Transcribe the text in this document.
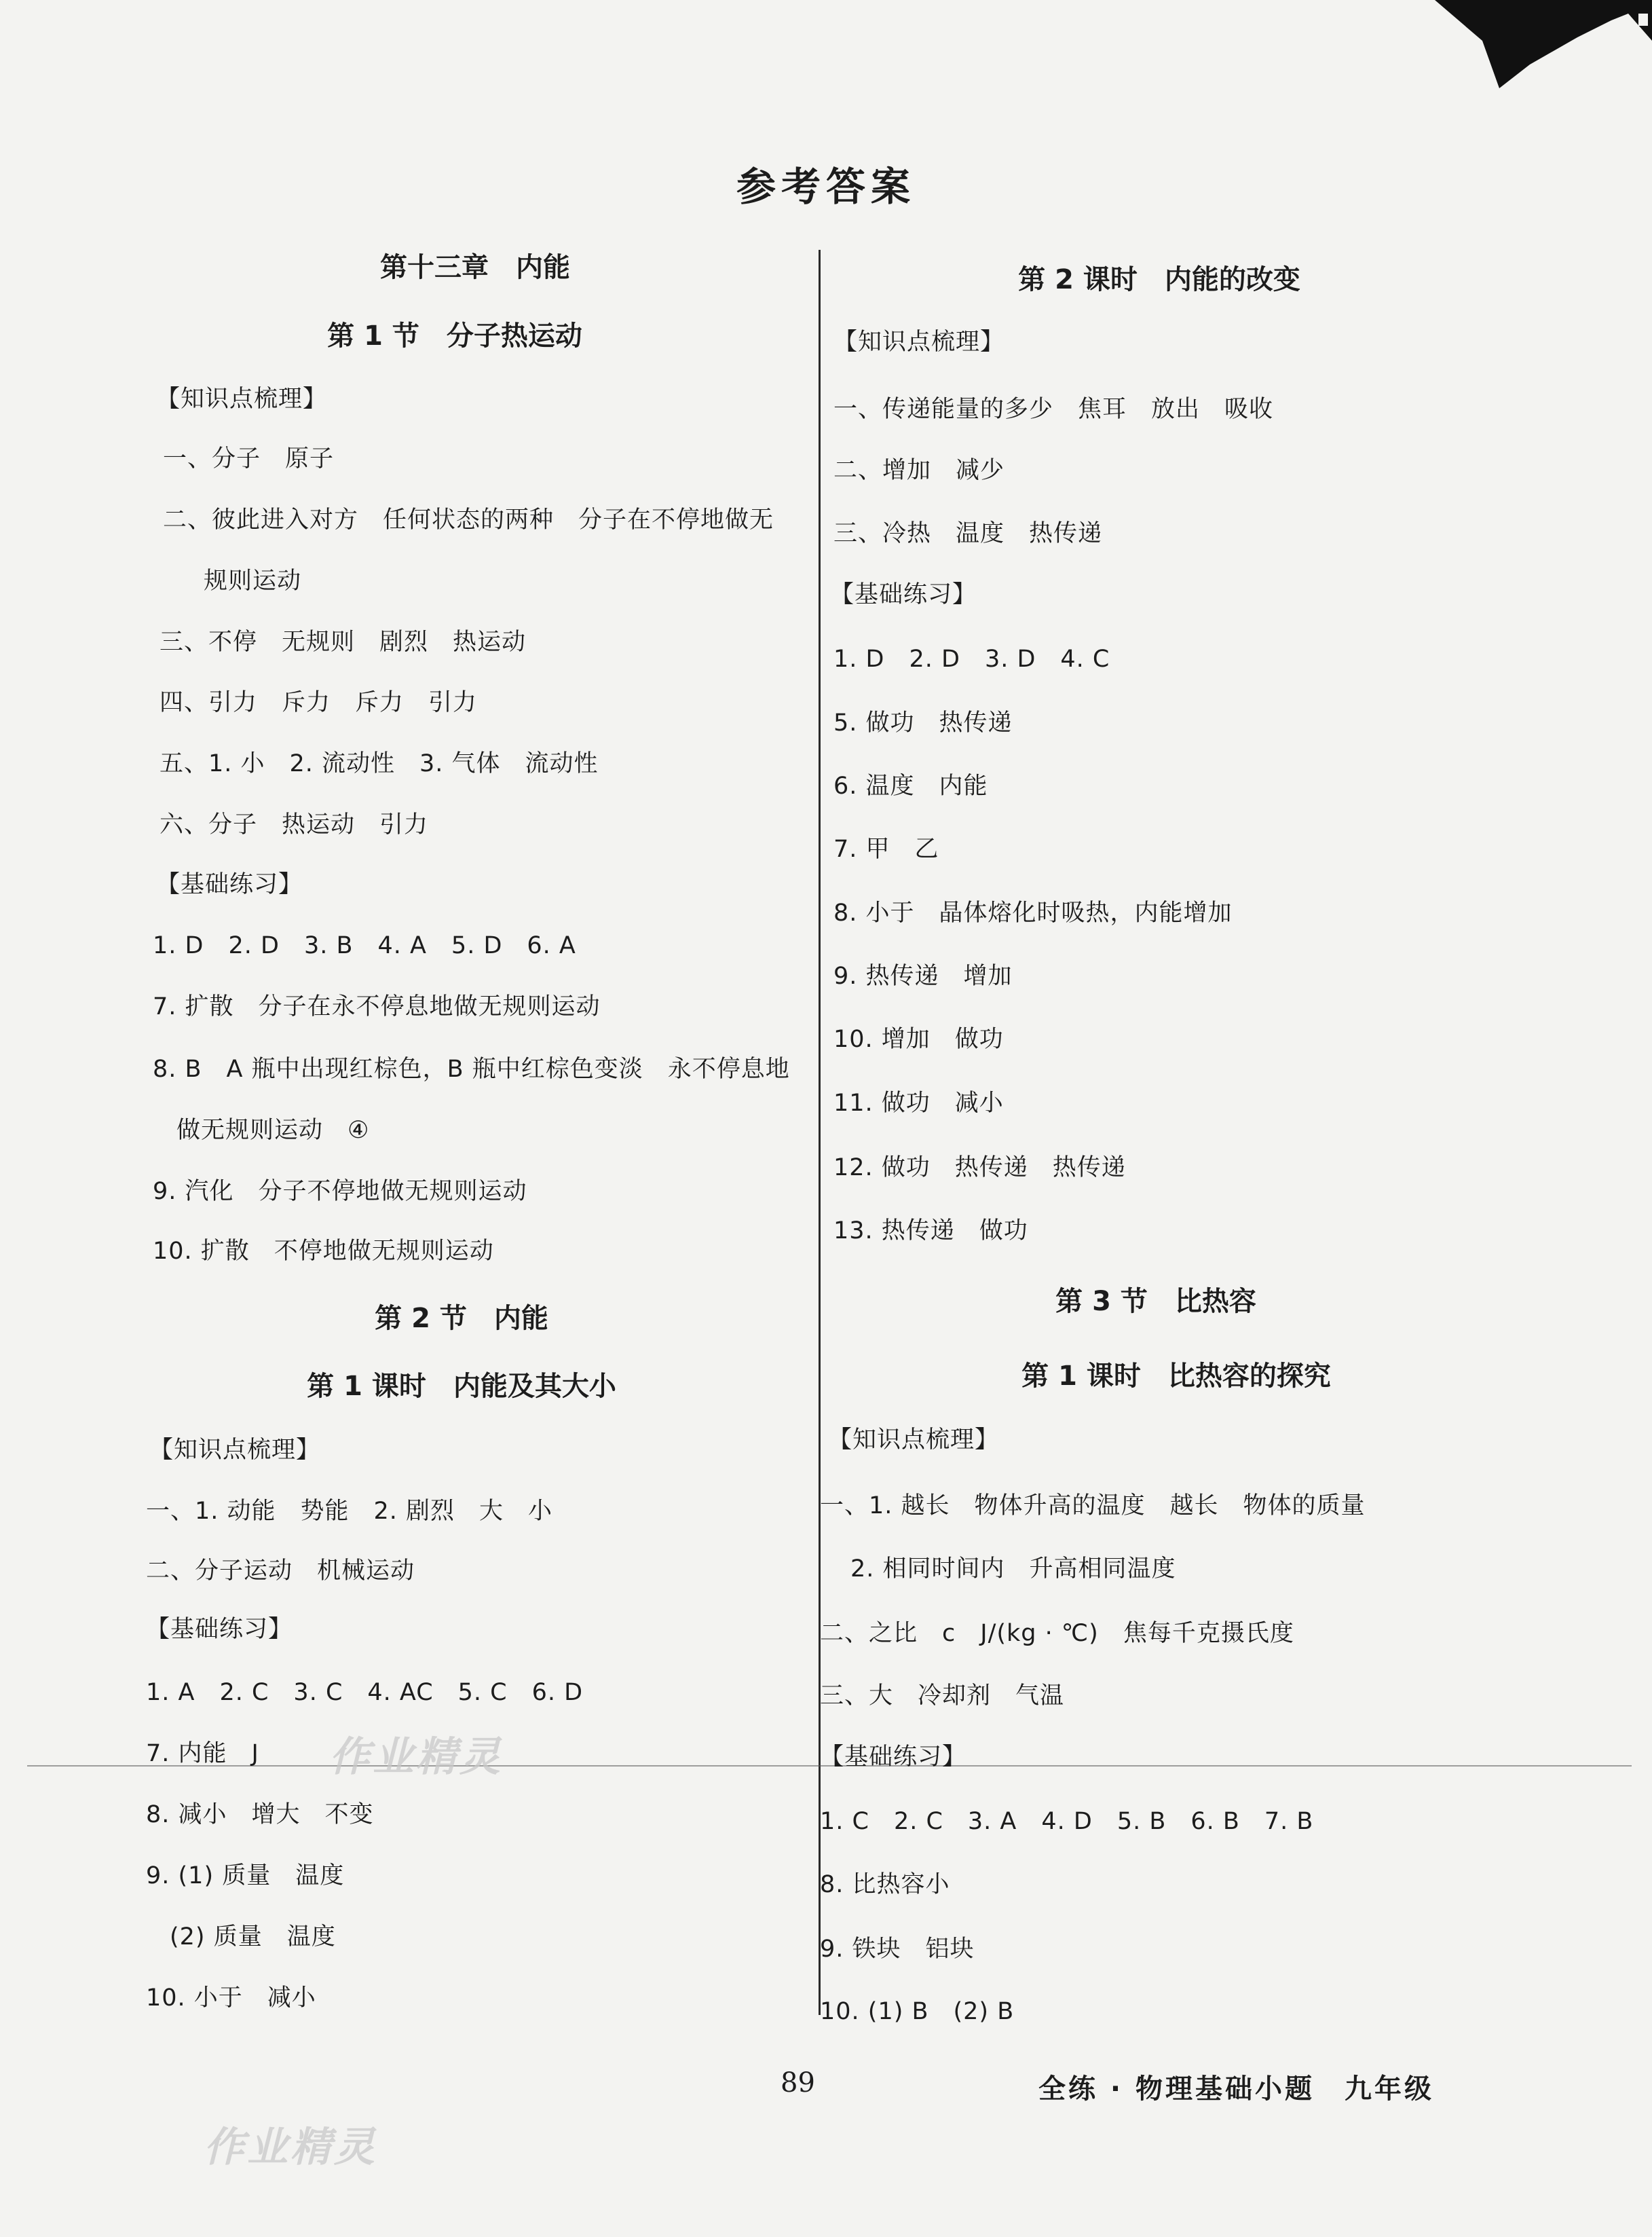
参考答案
第十三章　内能
第 1 节　分子热运动
【知识点梳理】
一、分子　原子
二、彼此进入对方　任何状态的两种　分子在不停地做无
规则运动
三、不停　无规则　剧烈　热运动
四、引力　斥力　斥力　引力
五、1. 小　2. 流动性　3. 气体　流动性
六、分子　热运动　引力
【基础练习】
1. D　2. D　3. B　4. A　5. D　6. A
7. 扩散　分子在永不停息地做无规则运动
8. B　A 瓶中出现红棕色，B 瓶中红棕色变淡　永不停息地
做无规则运动　④
9. 汽化　分子不停地做无规则运动
10. 扩散　不停地做无规则运动
第 2 节　内能
第 1 课时　内能及其大小
【知识点梳理】
一、1. 动能　势能　2. 剧烈　大　小
二、分子运动　机械运动
【基础练习】
1. A　2. C　3. C　4. AC　5. C　6. D
7. 内能　J
8. 减小　增大　不变
9. (1) 质量　温度
(2) 质量　温度
10. 小于　减小
第 2 课时　内能的改变
【知识点梳理】
一、传递能量的多少　焦耳　放出　吸收
二、增加　减少
三、冷热　温度　热传递
【基础练习】
1. D　2. D　3. D　4. C
5. 做功　热传递
6. 温度　内能
7. 甲　乙
8. 小于　晶体熔化时吸热，内能增加
9. 热传递　增加
10. 增加　做功
11. 做功　减小
12. 做功　热传递　热传递
13. 热传递　做功
第 3 节　比热容
第 1 课时　比热容的探究
【知识点梳理】
一、1. 越长　物体升高的温度　越长　物体的质量
2. 相同时间内　升高相同温度
二、之比　c　J/(kg · ℃)　焦每千克摄氏度
三、大　冷却剂　气温
【基础练习】
1. C　2. C　3. A　4. D　5. B　6. B　7. B
8. 比热容小
9. 铁块　铝块
10. (1) B　(2) B
作业精灵
作业精灵
89	全练 · 物理基础小题　九年级
